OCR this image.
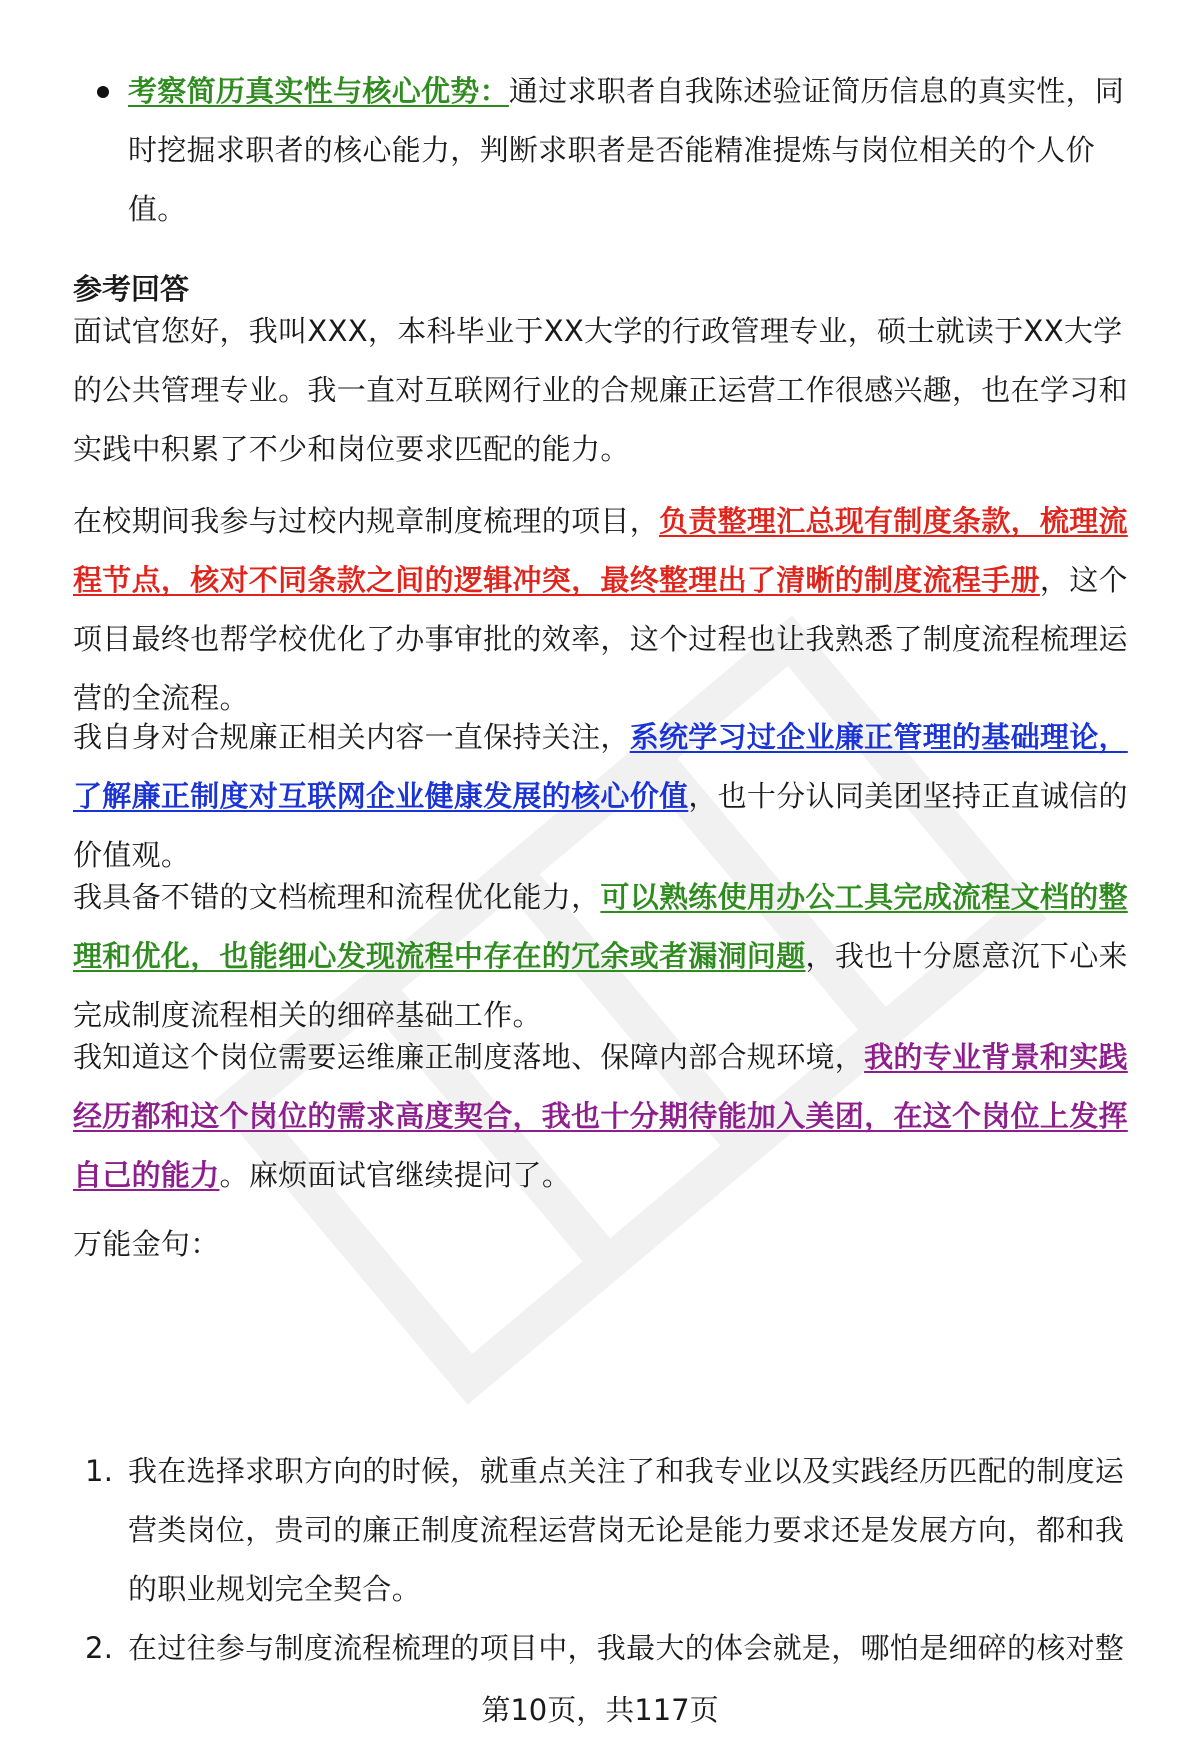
考察简历真实性与核心优势：通过求职者自我陈述验证简历信息的真实性，同时挖掘求职者的核心能力，判断求职者是否能精准提炼与岗位相关的个人价值。

参考回答

面试官您好，我叫XXX，本科毕业于XX大学的行政管理专业，硕士就读于XX大学的公共管理专业。我一直对互联网行业的合规廉正运营工作很感兴趣，也在学习和实践中积累了不少和岗位要求匹配的能力。

在校期间我参与过校内规章制度梳理的项目，负责整理汇总现有制度条款，梳理流程节点，核对不同条款之间的逻辑冲突，最终整理出了清晰的制度流程手册，这个项目最终也帮学校优化了办事审批的效率，这个过程也让我熟悉了制度流程梳理运营的全流程。

我自身对合规廉正相关内容一直保持关注，系统学习过企业廉正管理的基础理论，了解廉正制度对互联网企业健康发展的核心价值，也十分认同美团坚持正直诚信的价值观。

我具备不错的文档梳理和流程优化能力，可以熟练使用办公工具完成流程文档的整理和优化，也能细心发现流程中存在的冗余或者漏洞问题，我也十分愿意沉下心来完成制度流程相关的细碎基础工作。

我知道这个岗位需要运维廉正制度落地、保障内部合规环境，我的专业背景和实践经历都和这个岗位的需求高度契合，我也十分期待能加入美团，在这个岗位上发挥自己的能力。麻烦面试官继续提问了。

万能金句：

1. 我在选择求职方向的时候，就重点关注了和我专业以及实践经历匹配的制度运营类岗位，贵司的廉正制度流程运营岗无论是能力要求还是发展方向，都和我的职业规划完全契合。
2. 在过往参与制度流程梳理的项目中，我最大的体会就是，哪怕是细碎的核对整
第10页，共117页
